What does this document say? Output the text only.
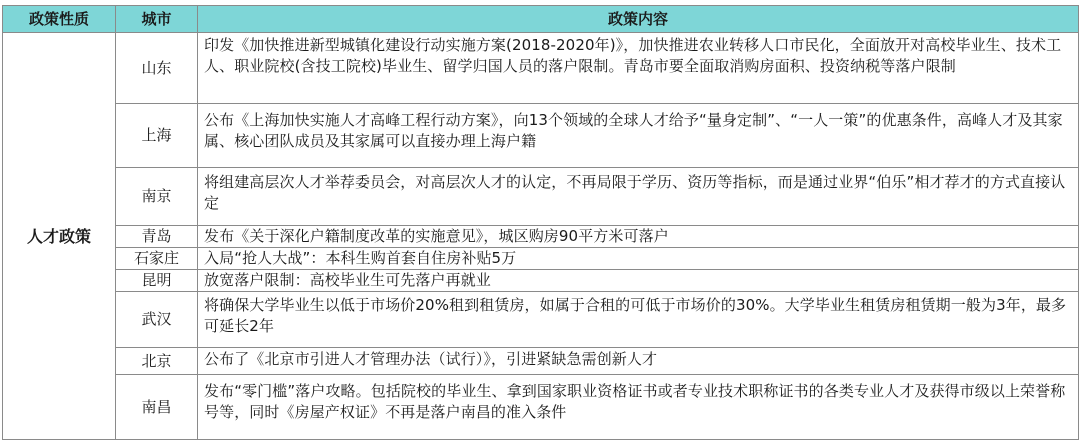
政策性质	城市	政策内容
人才政策	山东	印发《加快推进新型城镇化建设行动实施方案(2018-2020年)》，加快推进农业转移人口市民化，全面放开对高校毕业生、技术工人、职业院校(含技工院校)毕业生、留学归国人员的落户限制。青岛市要全面取消购房面积、投资纳税等落户限制
	上海	公布《上海加快实施人才高峰工程行动方案》，向13个领域的全球人才给予“量身定制”、“一人一策”的优惠条件，高峰人才及其家属、核心团队成员及其家属可以直接办理上海户籍
	南京	将组建高层次人才举荐委员会，对高层次人才的认定，不再局限于学历、资历等指标，而是通过业界“伯乐”相才荐才的方式直接认定
	青岛	发布《关于深化户籍制度改革的实施意见》，城区购房90平方米可落户
	石家庄	入局“抢人大战”：本科生购首套自住房补贴5万
	昆明	放宽落户限制：高校毕业生可先落户再就业
	武汉	将确保大学毕业生以低于市场价20%租到租赁房，如属于合租的可低于市场价的30%。大学毕业生租赁房租赁期一般为3年，最多可延长2年
	北京	公布了《北京市引进人才管理办法（试行）》，引进紧缺急需创新人才
	南昌	发布“零门槛”落户攻略。包括院校的毕业生、拿到国家职业资格证书或者专业技术职称证书的各类专业人才及获得市级以上荣誉称号等，同时《房屋产权证》不再是落户南昌的准入条件
